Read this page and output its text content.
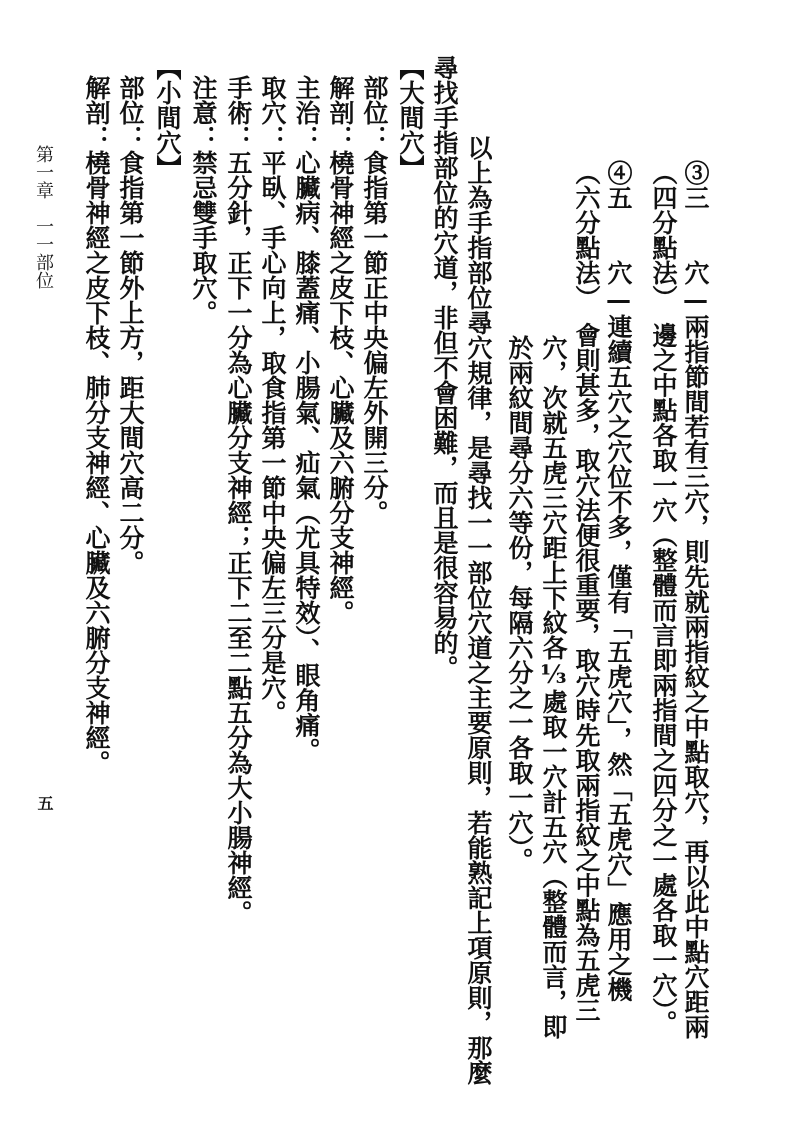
③三　　穴—兩指節間若有三穴，則先就兩指紋之中點取穴，再以此中點穴距兩
（四分點法）　邊之中點各取一穴（整體而言即兩指間之四分之一處各取一穴）。
④五　　穴—連續五穴之穴位不多，僅有「五虎穴」，然「五虎穴」應用之機
（六分點法）　會則甚多，取穴法便很重要，取穴時先取兩指紋之中點為五虎三
穴，次就五虎三穴距上下紋各⅓處取一穴計五穴（整體而言，即
於兩紋間尋分六等份，每隔六分之一各取一穴）。
以上為手指部位尋穴規律，是尋找一一部位穴道之主要原則，若能熟記上項原則，那麼
尋找手指部位的穴道，非但不會困難，而且是很容易的。
【大間穴】
部位：食指第一節正中央偏左外開三分。
解剖：橈骨神經之皮下枝、心臟及六腑分支神經。
主治：心臟病、膝蓋痛、小腸氣、疝氣（尤具特效）、眼角痛。
取穴：平臥、手心向上，取食指第一節中央偏左三分是穴。
手術：五分針，正下一分為心臟分支神經；正下二至二點五分為大小腸神經。
注意：禁忌雙手取穴。
【小間穴】
部位：食指第一節外上方，距大間穴高二分。
解剖：橈骨神經之皮下枝、肺分支神經、心臟及六腑分支神經。
第一章　一一部位
五
